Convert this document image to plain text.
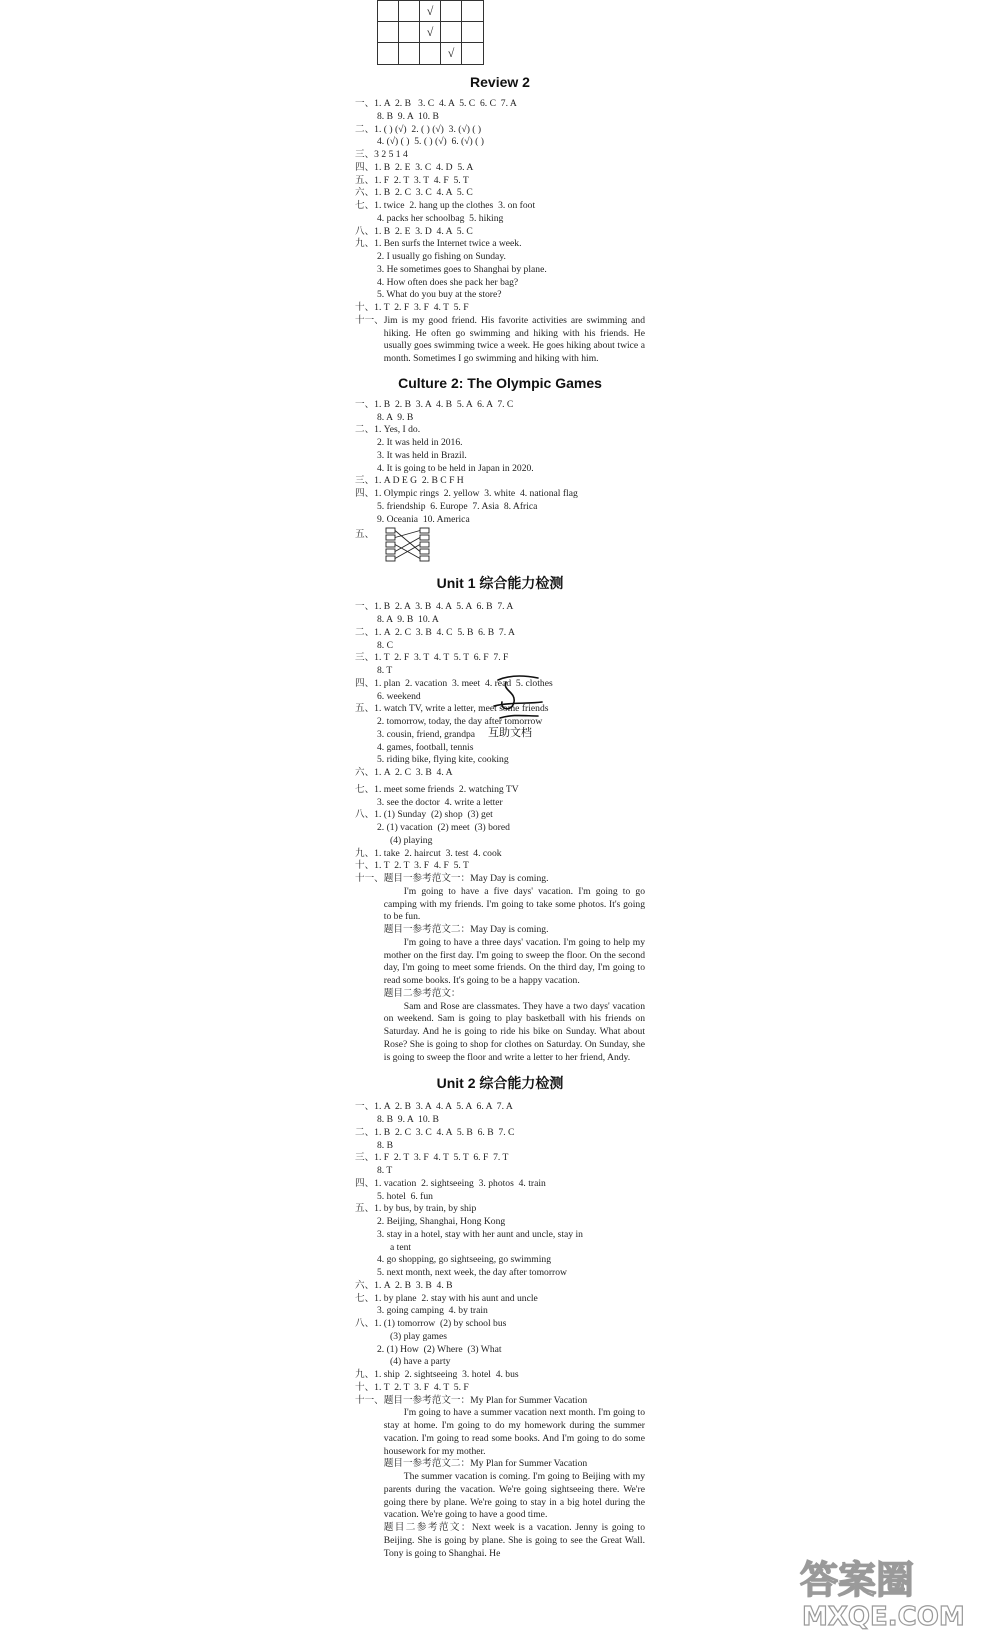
√
√
√
Review 2
一、1. A  2. B   3. C  4. A  5. C  6. C  7. A
8. B  9. A  10. B
二、1. ( ) (√)  2. ( ) (√)  3. (√) ( )
4. (√) ( )  5. ( ) (√)  6. (√) ( )
三、3 2 5 1 4
四、1. B  2. E  3. C  4. D  5. A
五、1. F  2. T  3. T  4. F  5. T
六、1. B  2. C  3. C  4. A  5. C
七、1. twice  2. hang up the clothes  3. on foot
4. packs her schoolbag  5. hiking
八、1. B  2. E  3. D  4. A  5. C
九、1. Ben surfs the Internet twice a week.
2. I usually go fishing on Sunday.
3. He sometimes goes to Shanghai by plane.
4. How often does she pack her bag?
5. What do you buy at the store?
十、1. T  2. F  3. F  4. T  5. F
十一、 Jim is my good friend. His favorite activities are swimming and hiking. He often go swimming and hiking with his friends. He usually goes swimming twice a week. He goes hiking about twice a month. Sometimes I go swimming and hiking with him.
Culture 2: The Olympic Games
一、1. B  2. B  3. A  4. B  5. A  6. A  7. C
8. A  9. B
二、1. Yes, I do.
2. It was held in 2016.
3. It was held in Brazil.
4. It is going to be held in Japan in 2020.
三、1. A D E G  2. B C F H
四、1. Olympic rings  2. yellow  3. white  4. national flag
5. friendship  6. Europe  7. Asia  8. Africa
9. Oceania  10. America
五、
Unit 1 综合能力检测
一、1. B  2. A  3. B  4. A  5. A  6. B  7. A
8. A  9. B  10. A
二、1. A  2. C  3. B  4. C  5. B  6. B  7. A
8. C
三、1. T  2. F  3. T  4. T  5. T  6. F  7. F
8. T
四、1. plan  2. vacation  3. meet  4. read  5. clothes
6. weekend
五、1. watch TV, write a letter, meet some friends
2. tomorrow, today, the day after tomorrow
3. cousin, friend, grandpa
4. games, football, tennis
5. riding bike, flying kite, cooking
六、1. A  2. C  3. B  4. A
七、1. meet some friends  2. watching TV
3. see the doctor  4. write a letter
八、1. (1) Sunday  (2) shop  (3) get
2. (1) vacation  (2) meet  (3) bored
(4) playing
九、1. take  2. haircut  3. test  4. cook
十、1. T  2. T  3. F  4. F  5. T
十一、 题目一参考范文一：May Day is coming.
I'm going to have a five days' vacation. I'm going to go camping with my friends. I'm going to take some photos. It's going to be fun.
题目一参考范文二：May Day is coming.
I'm going to have a three days' vacation. I'm going to help my mother on the first day. I'm going to sweep the floor. On the second day, I'm going to meet some friends. On the third day, I'm going to read some books. It's going to be a happy vacation.
题目二参考范文：
Sam and Rose are classmates. They have a two days' vacation on weekend. Sam is going to play basketball with his friends on Saturday. And he is going to ride his bike on Sunday. What about Rose? She is going to shop for clothes on Saturday. On Sunday, she is going to sweep the floor and write a letter to her friend, Andy.
Unit 2 综合能力检测
一、1. A  2. B  3. A  4. A  5. A  6. A  7. A
8. B  9. A  10. B
二、1. B  2. C  3. C  4. A  5. B  6. B  7. C
8. B
三、1. F  2. T  3. F  4. T  5. T  6. F  7. T
8. T
四、1. vacation  2. sightseeing  3. photos  4. train
5. hotel  6. fun
五、1. by bus, by train, by ship
2. Beijing, Shanghai, Hong Kong
3. stay in a hotel, stay with her aunt and uncle, stay in
a tent
4. go shopping, go sightseeing, go swimming
5. next month, next week, the day after tomorrow
六、1. A  2. B  3. B  4. B
七、1. by plane  2. stay with his aunt and uncle
3. going camping  4. by train
八、1. (1) tomorrow  (2) by school bus
(3) play games
2. (1) How  (2) Where  (3) What
(4) have a party
九、1. ship  2. sightseeing  3. hotel  4. bus
十、1. T  2. T  3. F  4. T  5. F
十一、 题目一参考范文一：My Plan for Summer Vacation
I'm going to have a summer vacation next month. I'm going to stay at home. I'm going to do my homework during the summer vacation. I'm going to read some books. And I'm going to do some housework for my mother.
题目一参考范文二：My Plan for Summer Vacation
The summer vacation is coming. I'm going to Beijing with my parents during the vacation. We're going sightseeing there. We're going there by plane. We're going to stay in a big hotel during the vacation. We're going to have a good time.
题目二参考范文：Next week is a vacation. Jenny is going to Beijing. She is going by plane. She is going to see the Great Wall. Tony is going to Shanghai. He
互助文档
答案圈
MXQE.COM
